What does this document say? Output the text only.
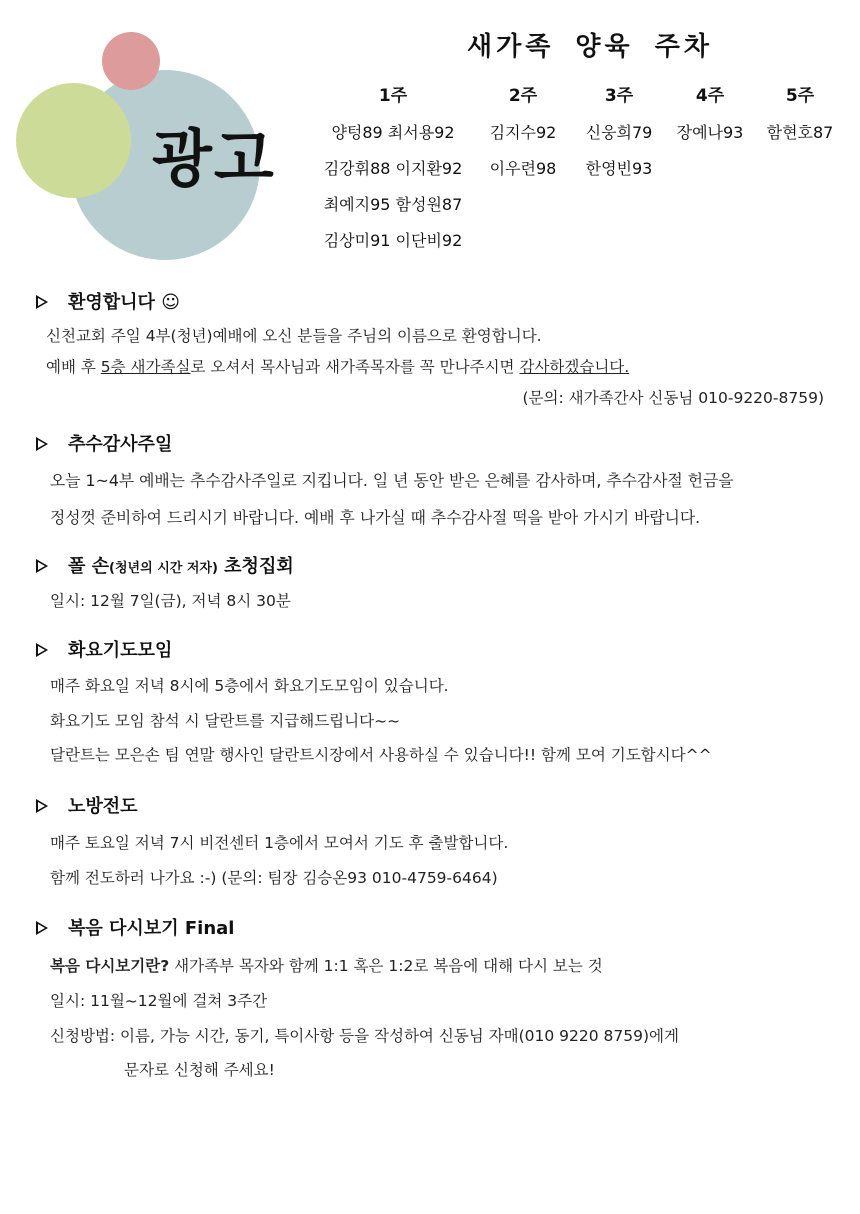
광고
새가족 양육 주차
1주
양텅89 최서용92
김강휘88 이지환92
최예지95 함성원87
김상미91 이단비92
2주
김지수92
이우련98
3주
신웅희79
한영빈93
4주
장예나93
5주
함현호87
환영합니다 ☺
신천교회 주일 4부(청년)예배에 오신 분들을 주님의 이름으로 환영합니다.
예배 후 5층 새가족실로 오셔서 목사님과 새가족목자를 꼭 만나주시면 감사하겠습니다.
(문의: 새가족간사 신동님 010-9220-8759)
추수감사주일
오늘 1~4부 예배는 추수감사주일로 지킵니다. 일 년 동안 받은 은혜를 감사하며, 추수감사절 헌금을
정성껏 준비하여 드리시기 바랍니다. 예배 후 나가실 때 추수감사절 떡을 받아 가시기 바랍니다.
폴 손(청년의 시간 저자) 초청집회
일시: 12월 7일(금), 저녁 8시 30분
화요기도모임
매주 화요일 저녁 8시에 5층에서 화요기도모임이 있습니다.
화요기도 모임 참석 시 달란트를 지급해드립니다~~
달란트는 모은손 팀 연말 행사인 달란트시장에서 사용하실 수 있습니다!! 함께 모여 기도합시다^^
노방전도
매주 토요일 저녁 7시 비전센터 1층에서 모여서 기도 후 출발합니다.
함께 전도하러 나가요 :-) (문의: 팀장 김승온93 010-4759-6464)
복음 다시보기 Final
복음 다시보기란? 새가족부 목자와 함께 1:1 혹은 1:2로 복음에 대해 다시 보는 것
일시: 11월~12월에 걸쳐 3주간
신청방법: 이름, 가능 시간, 동기, 특이사항 등을 작성하여 신동님 자매(010 9220 8759)에게
문자로 신청해 주세요!
